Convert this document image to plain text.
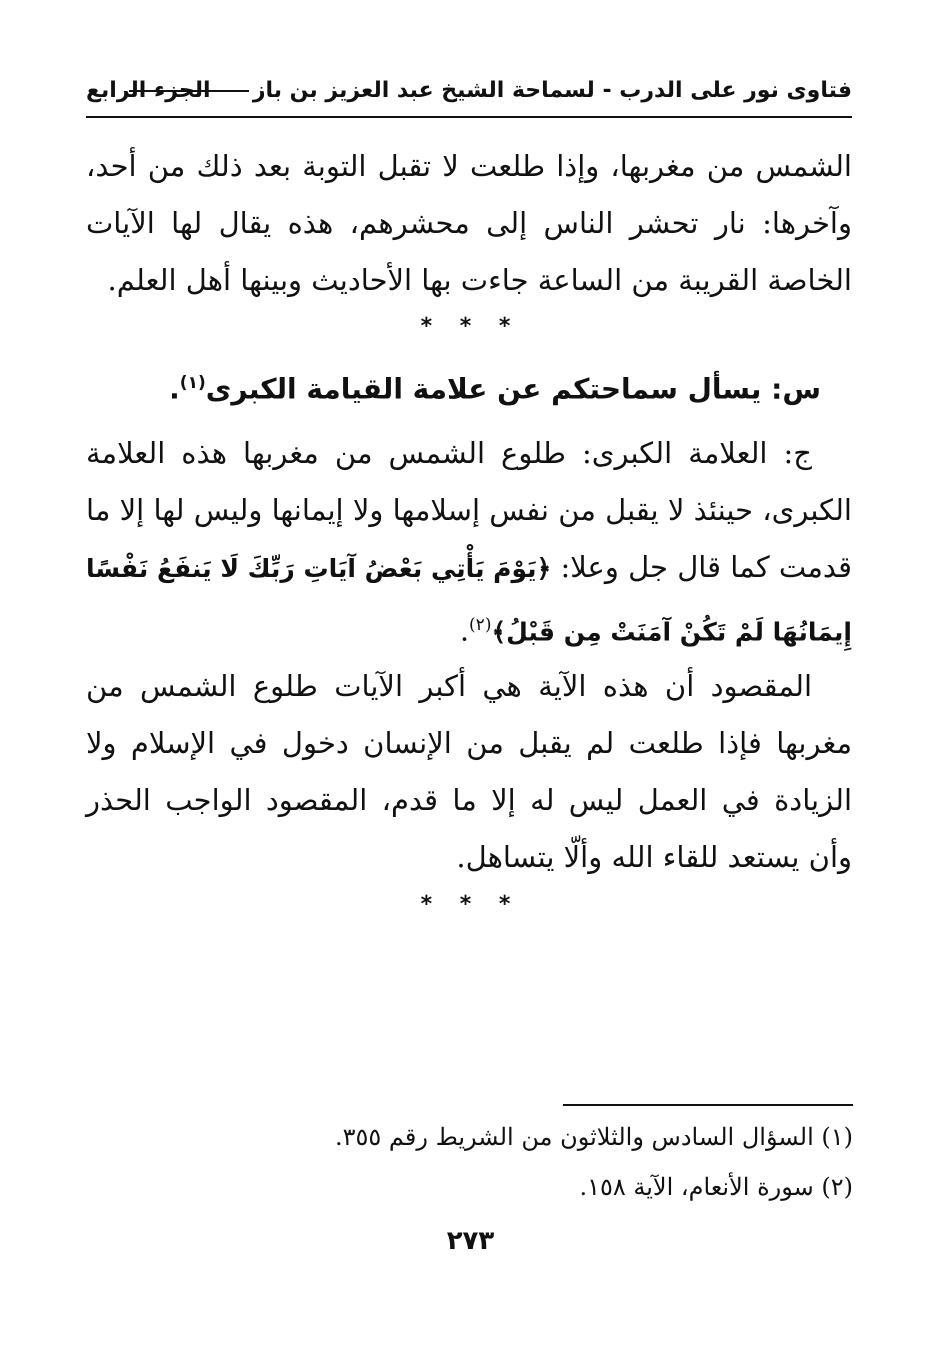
فتاوى نور على الدرب - لسماحة الشيخ عبد العزيز بن باز
الجزء الرابع
الشمس من مغربها، وإذا طلعت لا تقبل التوبة بعد ذلك من أحد، وآخرها: نار تحشر الناس إلى محشرهم، هذه يقال لها الآيات الخاصة القريبة من الساعة جاءت بها الأحاديث وبينها أهل العلم.
* * *
س: يسأل سماحتكم عن علامة القيامة الكبرى$^{(١)}$.
ج: العلامة الكبرى: طلوع الشمس من مغربها هذه العلامة الكبرى، حينئذ لا يقبل من نفس إسلامها ولا إيمانها وليس لها إلا ما قدمت كما قال جل وعلا: ﴿يَوْمَ يَأْتِي بَعْضُ آيَاتِ رَبِّكَ لَا يَنفَعُ نَفْسًا إِيمَانُهَا لَمْ تَكُنْ آمَنَتْ مِن قَبْلُ﴾$^{(٢)}$.
المقصود أن هذه الآية هي أكبر الآيات طلوع الشمس من مغربها فإذا طلعت لم يقبل من الإنسان دخول في الإسلام ولا الزيادة في العمل ليس له إلا ما قدم، المقصود الواجب الحذر وأن يستعد للقاء الله وألّا يتساهل.
* * *
(١) السؤال السادس والثلاثون من الشريط رقم ٣٥٥.
(٢) سورة الأنعام، الآية ١٥٨.
٢٧٣
